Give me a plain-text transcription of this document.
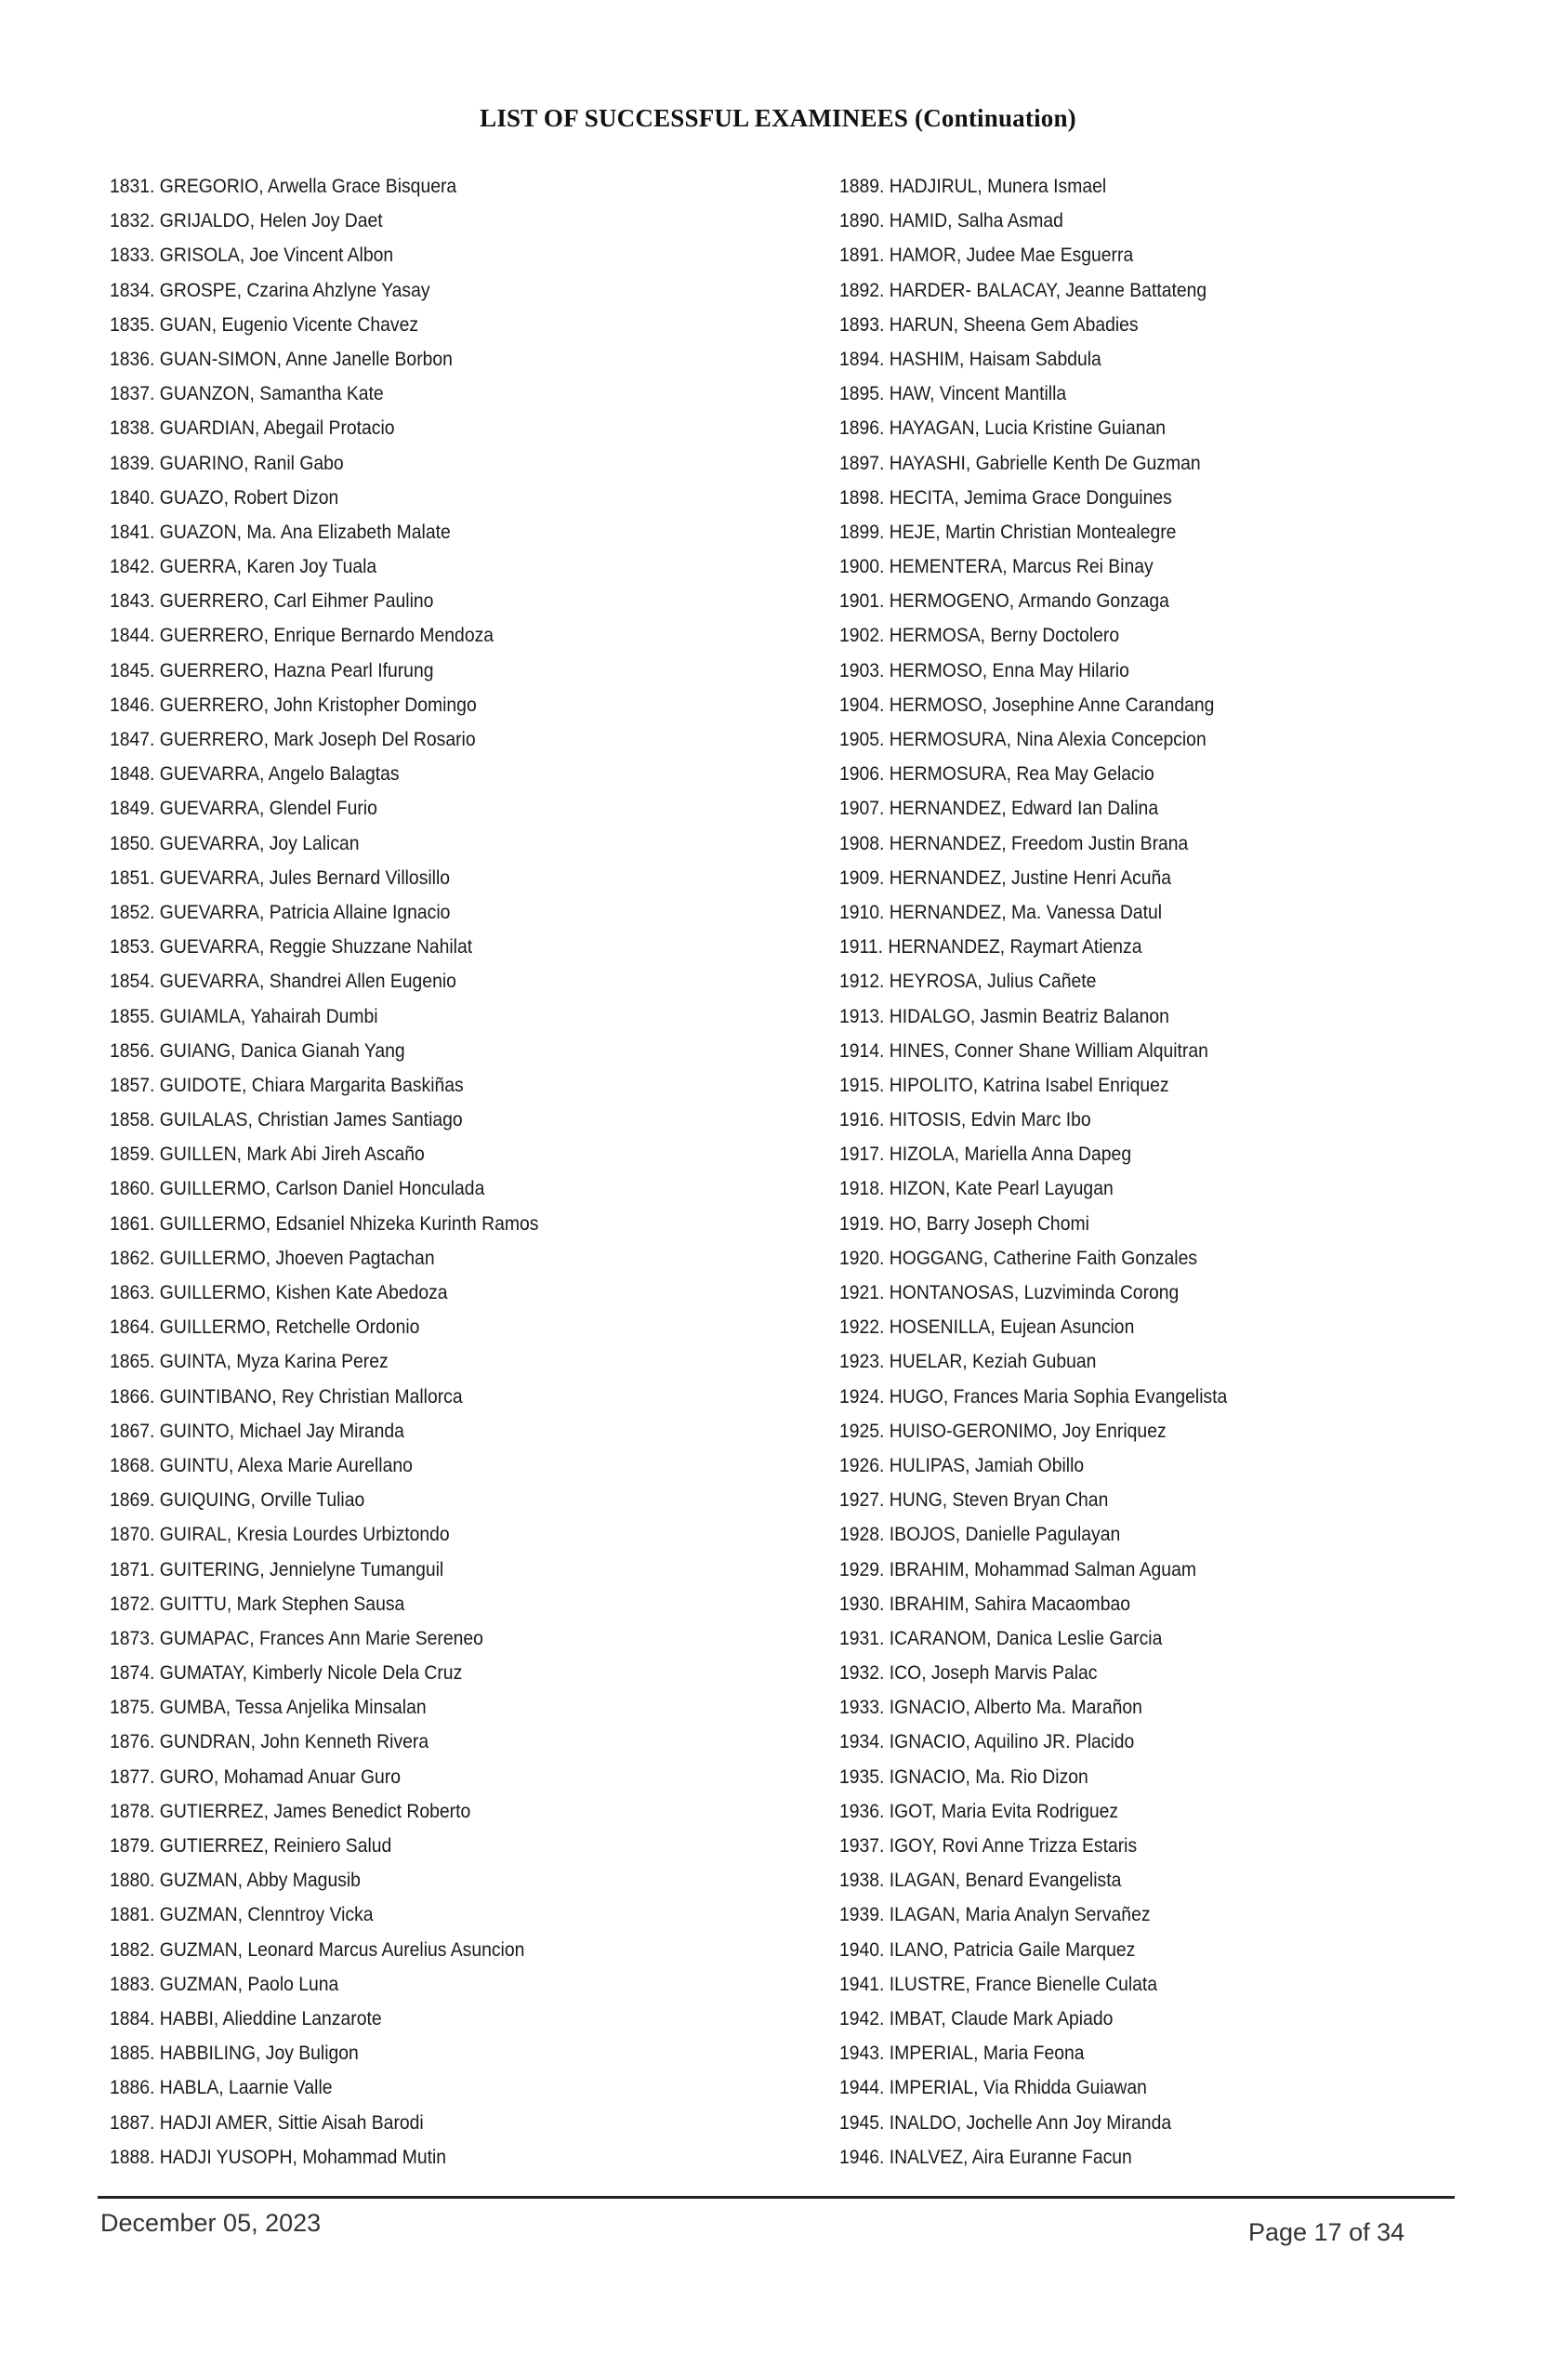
LIST OF SUCCESSFUL EXAMINEES (Continuation)
1831. GREGORIO, Arwella Grace Bisquera
1832. GRIJALDO, Helen Joy Daet
1833. GRISOLA, Joe Vincent Albon
1834. GROSPE, Czarina Ahzlyne Yasay
1835. GUAN, Eugenio Vicente Chavez
1836. GUAN-SIMON, Anne Janelle Borbon
1837. GUANZON, Samantha Kate
1838. GUARDIAN, Abegail Protacio
1839. GUARINO, Ranil Gabo
1840. GUAZO, Robert Dizon
1841. GUAZON, Ma. Ana Elizabeth Malate
1842. GUERRA, Karen Joy Tuala
1843. GUERRERO, Carl Eihmer Paulino
1844. GUERRERO, Enrique Bernardo Mendoza
1845. GUERRERO, Hazna Pearl Ifurung
1846. GUERRERO, John Kristopher Domingo
1847. GUERRERO, Mark Joseph Del Rosario
1848. GUEVARRA, Angelo Balagtas
1849. GUEVARRA, Glendel Furio
1850. GUEVARRA, Joy Lalican
1851. GUEVARRA, Jules Bernard Villosillo
1852. GUEVARRA, Patricia Allaine Ignacio
1853. GUEVARRA, Reggie Shuzzane Nahilat
1854. GUEVARRA, Shandrei Allen Eugenio
1855. GUIAMLA, Yahairah Dumbi
1856. GUIANG, Danica Gianah Yang
1857. GUIDOTE, Chiara Margarita Baskiñas
1858. GUILALAS, Christian James Santiago
1859. GUILLEN, Mark Abi Jireh Ascaño
1860. GUILLERMO, Carlson Daniel Honculada
1861. GUILLERMO, Edsaniel Nhizeka Kurinth Ramos
1862. GUILLERMO, Jhoeven Pagtachan
1863. GUILLERMO, Kishen Kate Abedoza
1864. GUILLERMO, Retchelle Ordonio
1865. GUINTA, Myza Karina Perez
1866. GUINTIBANO, Rey Christian Mallorca
1867. GUINTO, Michael Jay Miranda
1868. GUINTU, Alexa Marie Aurellano
1869. GUIQUING, Orville Tuliao
1870. GUIRAL, Kresia Lourdes Urbiztondo
1871. GUITERING, Jennielyne Tumanguil
1872. GUITTU, Mark Stephen Sausa
1873. GUMAPAC, Frances Ann Marie Sereneo
1874. GUMATAY, Kimberly Nicole Dela Cruz
1875. GUMBA, Tessa Anjelika Minsalan
1876. GUNDRAN, John Kenneth Rivera
1877. GURO, Mohamad Anuar Guro
1878. GUTIERREZ, James Benedict Roberto
1879. GUTIERREZ, Reiniero Salud
1880. GUZMAN, Abby Magusib
1881. GUZMAN, Clenntroy Vicka
1882. GUZMAN, Leonard Marcus Aurelius Asuncion
1883. GUZMAN, Paolo Luna
1884. HABBI, Alieddine Lanzarote
1885. HABBILING, Joy Buligon
1886. HABLA, Laarnie Valle
1887. HADJI AMER, Sittie Aisah Barodi
1888. HADJI YUSOPH, Mohammad Mutin
1889. HADJIRUL, Munera Ismael
1890. HAMID, Salha Asmad
1891. HAMOR, Judee Mae Esguerra
1892. HARDER- BALACAY, Jeanne Battateng
1893. HARUN, Sheena Gem Abadies
1894. HASHIM, Haisam Sabdula
1895. HAW, Vincent Mantilla
1896. HAYAGAN, Lucia Kristine Guianan
1897. HAYASHI, Gabrielle Kenth De Guzman
1898. HECITA, Jemima Grace Donguines
1899. HEJE, Martin Christian Montealegre
1900. HEMENTERA, Marcus Rei Binay
1901. HERMOGENO, Armando Gonzaga
1902. HERMOSA, Berny Doctolero
1903. HERMOSO, Enna May Hilario
1904. HERMOSO, Josephine Anne Carandang
1905. HERMOSURA, Nina Alexia Concepcion
1906. HERMOSURA, Rea May Gelacio
1907. HERNANDEZ, Edward Ian Dalina
1908. HERNANDEZ, Freedom Justin Brana
1909. HERNANDEZ, Justine Henri Acuña
1910. HERNANDEZ, Ma. Vanessa Datul
1911. HERNANDEZ, Raymart Atienza
1912. HEYROSA, Julius Cañete
1913. HIDALGO, Jasmin Beatriz Balanon
1914. HINES, Conner Shane William Alquitran
1915. HIPOLITO, Katrina Isabel Enriquez
1916. HITOSIS, Edvin Marc Ibo
1917. HIZOLA, Mariella Anna Dapeg
1918. HIZON, Kate Pearl Layugan
1919. HO, Barry Joseph Chomi
1920. HOGGANG, Catherine Faith Gonzales
1921. HONTANOSAS, Luzviminda Corong
1922. HOSENILLA, Eujean Asuncion
1923. HUELAR, Keziah Gubuan
1924. HUGO, Frances Maria Sophia Evangelista
1925. HUISO-GERONIMO, Joy Enriquez
1926. HULIPAS, Jamiah Obillo
1927. HUNG, Steven Bryan Chan
1928. IBOJOS, Danielle Pagulayan
1929. IBRAHIM, Mohammad Salman Aguam
1930. IBRAHIM, Sahira Macaombao
1931. ICARANOM, Danica Leslie Garcia
1932. ICO, Joseph Marvis Palac
1933. IGNACIO, Alberto Ma. Marañon
1934. IGNACIO, Aquilino JR. Placido
1935. IGNACIO, Ma. Rio Dizon
1936. IGOT, Maria Evita Rodriguez
1937. IGOY, Rovi Anne Trizza Estaris
1938. ILAGAN, Benard Evangelista
1939. ILAGAN, Maria Analyn Servañez
1940. ILANO, Patricia Gaile Marquez
1941. ILUSTRE, France Bienelle Culata
1942. IMBAT, Claude Mark Apiado
1943. IMPERIAL, Maria Feona
1944. IMPERIAL, Via Rhidda Guiawan
1945. INALDO, Jochelle Ann Joy Miranda
1946. INALVEZ, Aira Euranne Facun
December 05, 2023	Page 17 of 34
